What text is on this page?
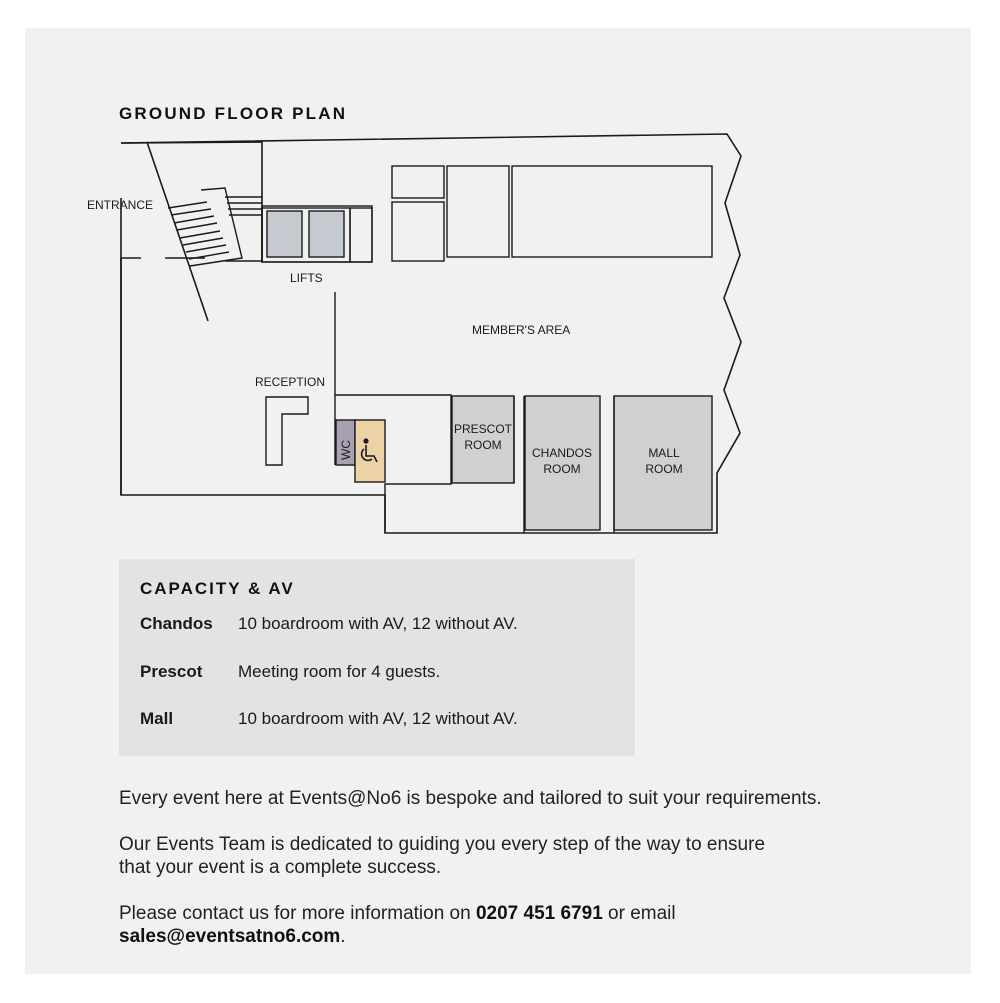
GROUND FLOOR PLAN
ENTRANCE
LIFTS
MEMBER'S AREA
RECEPTION
WC
PRESCOT
ROOM
CHANDOS
ROOM
MALL
ROOM
CAPACITY & AV
Chandos 10 boardroom with AV, 12 without AV.
Prescot Meeting room for 4 guests.
Mall	10 boardroom with AV, 12 without AV.

Every event here at Events@No6 is bespoke and tailored to suit your requirements.

Our Events Team is dedicated to guiding you every step of the way to ensure
that your event is a complete success.

Please contact us for more information on 0207 451 6791 or email
sales@eventsatno6.com.
